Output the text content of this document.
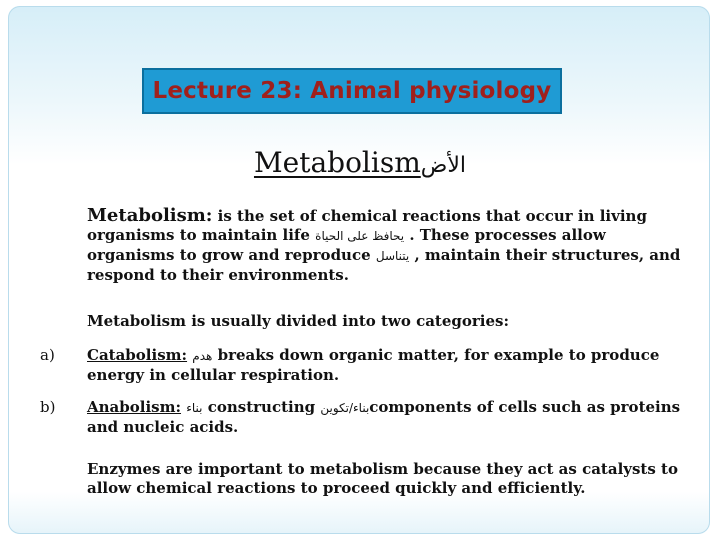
Lecture 23: Animal physiology
Metabolismالأض
Metabolism: is the set of chemical reactions that occur in living organisms to maintain life يحافظ على الحياة . These processes allow organisms to grow and reproduce يتناسل , maintain their structures, and respond to their environments.
Metabolism is usually divided into two categories:
a)	Catabolism: هدم breaks down organic matter, for example to produce energy in cellular respiration.
b)	Anabolism: بناء constructing بناء/تكوينcomponents of cells such as proteins and nucleic acids.
Enzymes are important to metabolism because they act as catalysts to allow chemical reactions to proceed quickly and efficiently.
